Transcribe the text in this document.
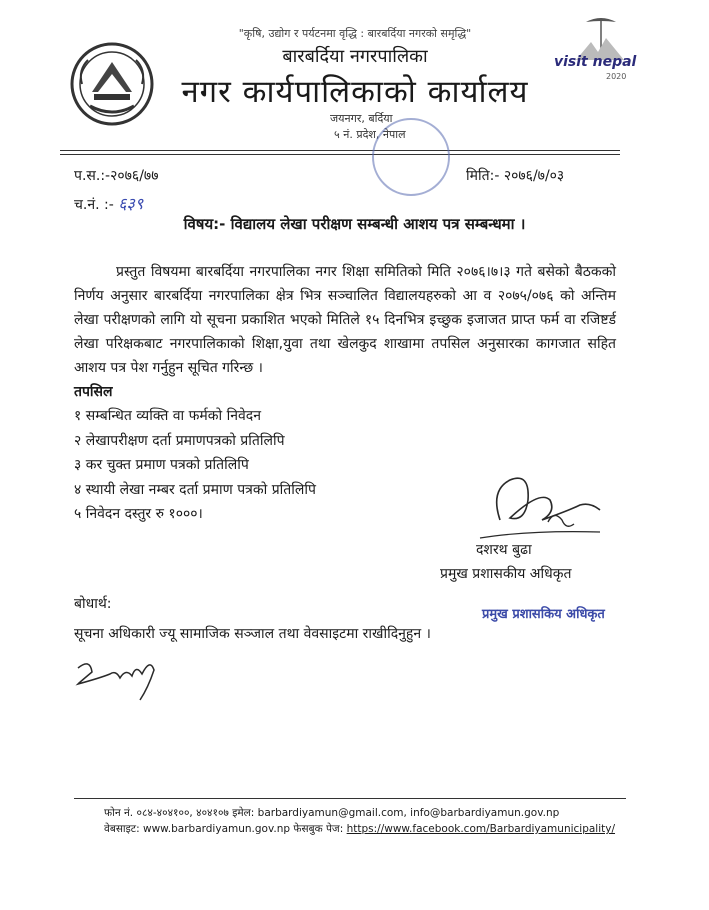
visit nepal
2020
"कृषि, उद्योग र पर्यटनमा वृद्धि : बारबर्दिया नगरको समृद्धि"
बारबर्दिया नगरपालिका
नगर कार्यपालिकाको कार्यालय
जयनगर, बर्दिया
५ नं. प्रदेश, नेपाल
प.स.:-२०७६/७७
च.नं. :- ६३९
मिति:- २०७६/७/०३
विषय:- विद्यालय लेखा परीक्षण सम्बन्धी आशय पत्र सम्बन्धमा ।
प्रस्तुत विषयमा बारबर्दिया नगरपालिका नगर शिक्षा समितिको मिति २०७६।७।३ गते बसेको बैठकको निर्णय अनुसार बारबर्दिया नगरपालिका क्षेत्र भित्र सञ्चालित विद्यालयहरुको आ व २०७५/०७६ को अन्तिम लेखा परीक्षणको लागि यो सूचना प्रकाशित भएको मितिले १५ दिनभित्र इच्छुक इजाजत प्राप्त फर्म वा रजिष्टर्ड लेखा परिक्षकबाट नगरपालिकाको शिक्षा,युवा तथा खेलकुद शाखामा तपसिल अनुसारका कागजात सहित आशय पत्र पेश गर्नुहुन सूचित गरिन्छ ।
तपसिल
१ सम्बन्धित व्यक्ति वा फर्मको निवेदन
२ लेखापरीक्षण दर्ता प्रमाणपत्रको प्रतिलिपि
३ कर चुक्त प्रमाण पत्रको प्रतिलिपि
४ स्थायी लेखा नम्बर दर्ता प्रमाण पत्रको प्रतिलिपि
५ निवेदन दस्तुर रु १०००।
दशरथ बुढा
प्रमुख प्रशासकीय अधिकृत
बोधार्थ:
सूचना अधिकारी ज्यू सामाजिक सञ्जाल तथा वेवसाइटमा राखीदिनुहुन ।
प्रमुख प्रशासकिय अधिकृत
फोन नं. ०८४-४०४१००, ४०४१०७ इमेल: barbardiyamun@gmail.com, info@barbardiyamun.gov.np
वेबसाइट: www.barbardiyamun.gov.np फेसबुक पेज: https://www.facebook.com/Barbardiyamunicipality/
